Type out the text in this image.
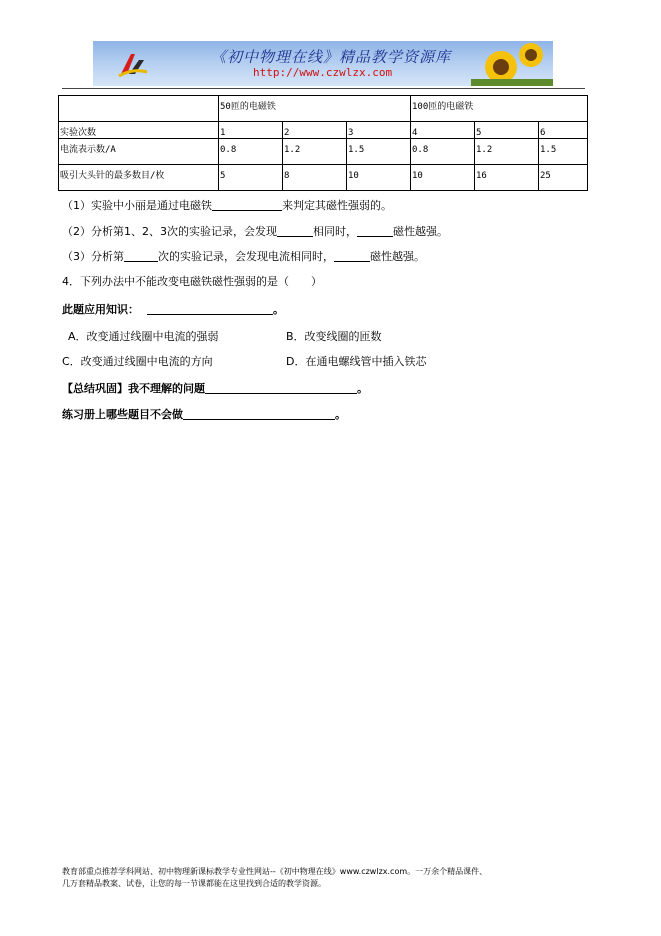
《初中物理在线》精品教学资源库
http://www.czwlzx.com
	50匝的电磁铁			100匝的电磁铁		
实验次数	1	2	3	4	5	6
电流表示数/A	0.8	1.2	1.5	0.8	1.2	1.5
吸引大头针的最多数目/枚	5	8	10	10	16	25
（1）实验中小丽是通过电磁铁	来判定其磁性强弱的。
（2）分析第1、2、3次的实验记录，会发现	相同时，	磁性越强。
（3）分析第	次的实验记录，会发现电流相同时，	磁性越强。
4．下列办法中不能改变电磁铁磁性强弱的是（　　）
此题应用知识：	。
A．改变通过线圈中电流的强弱	B．改变线圈的匝数
C．改变通过线圈中电流的方向	D．在通电螺线管中插入铁芯
【总结巩固】我不理解的问题	。
练习册上哪些题目不会做	。
教育部重点推荐学科网站、初中物理新课标教学专业性网站--《初中物理在线》www.czwlzx.com。一万余个精品课件、
几万套精品教案、试卷，让您的每一节课都能在这里找到合适的教学资源。
